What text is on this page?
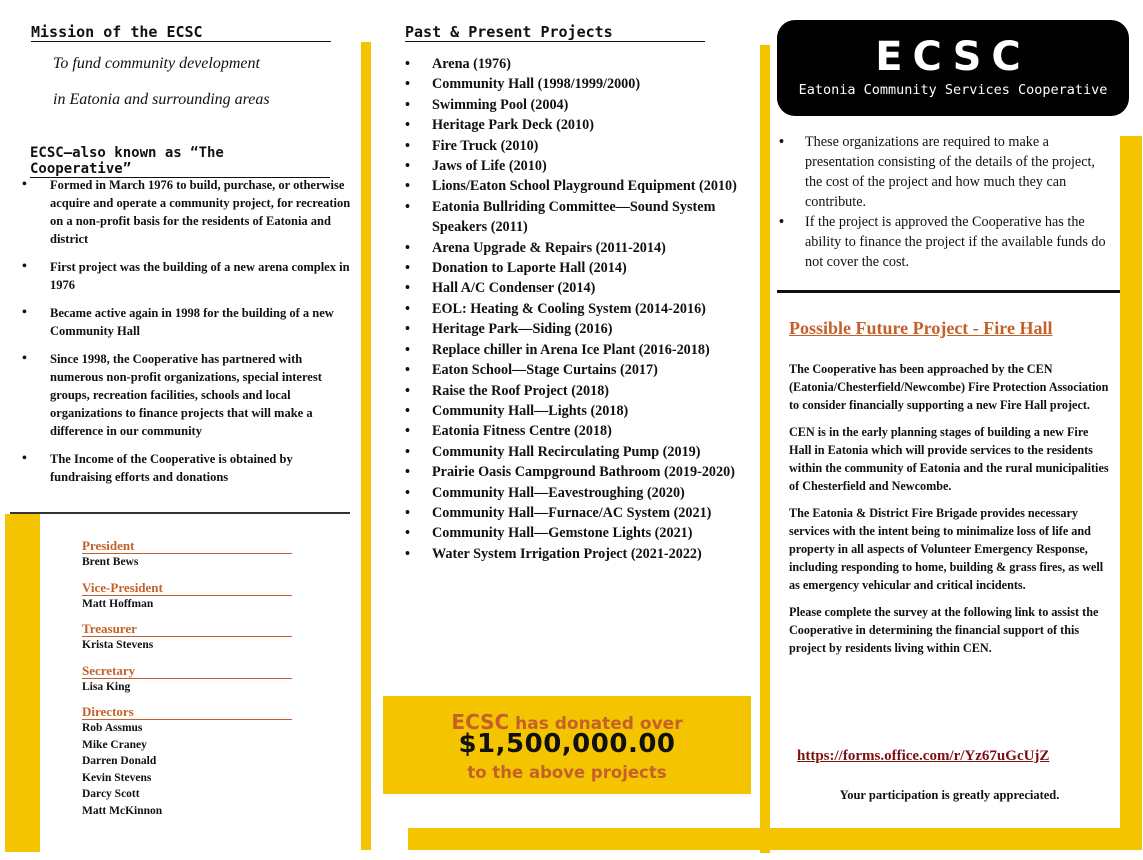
Mission of the ECSC
To fund community development
in Eatonia and surrounding areas
ECSC—also known as “The Cooperative”
• Formed in March 1976 to build, purchase, or otherwise acquire and operate a community project, for recreation on a non-profit basis for the residents of Eatonia and district
• First project was the building of a new arena complex in 1976
• Became active again in 1998 for the building of a new Community Hall
• Since 1998, the Cooperative has partnered with numerous non-profit organizations, special interest groups, recreation facilities, schools and local organizations to finance projects that will make a difference in our community
• The Income of the Cooperative is obtained by fundraising efforts and donations
President
Brent Bews
Vice-President
Matt Hoffman
Treasurer
Krista Stevens
Secretary
Lisa King
Directors
Rob Assmus
Mike Craney
Darren Donald
Kevin Stevens
Darcy Scott
Matt McKinnon
Past & Present Projects
• Arena (1976)
• Community Hall (1998/1999/2000)
• Swimming Pool (2004)
• Heritage Park Deck (2010)
• Fire Truck (2010)
• Jaws of Life (2010)
• Lions/Eaton School Playground Equipment (2010)
• Eatonia Bullriding Committee—Sound System Speakers (2011)
• Arena Upgrade & Repairs (2011-2014)
• Donation to Laporte Hall (2014)
• Hall A/C Condenser (2014)
• EOL: Heating & Cooling System (2014-2016)
• Heritage Park—Siding (2016)
• Replace chiller in Arena Ice Plant (2016-2018)
• Eaton School—Stage Curtains (2017)
• Raise the Roof Project (2018)
• Community Hall—Lights (2018)
• Eatonia Fitness Centre (2018)
• Community Hall Recirculating Pump (2019)
• Prairie Oasis Campground Bathroom (2019-2020)
• Community Hall—Eavestroughing (2020)
• Community Hall—Furnace/AC System (2021)
• Community Hall—Gemstone Lights (2021)
• Water System Irrigation Project (2021-2022)
ECSC has donated over
$1,500,000.00
to the above projects
ECSC
Eatonia Community Services Cooperative
• These organizations are required to make a presentation consisting of the details of the project, the cost of the project and how much they can contribute.
• If the project is approved the Cooperative has the ability to finance the project if the available funds do not cover the cost.
Possible Future Project - Fire Hall

The Cooperative has been approached by the CEN (Eatonia/Chesterfield/Newcombe) Fire Protection Association to consider financially supporting a new Fire Hall project.

CEN is in the early planning stages of building a new Fire Hall in Eatonia which will provide services to the residents within the community of Eatonia and the rural municipalities of Chesterfield and Newcombe.

The Eatonia & District Fire Brigade provides necessary services with the intent being to minimalize loss of life and property in all aspects of Volunteer Emergency Response, including responding to home, building & grass fires, as well as emergency vehicular and critical incidents.

Please complete the survey at the following link to assist the Cooperative in determining the financial support of this project by residents living within CEN.

https://forms.office.com/r/Yz67uGcUjZ
Your participation is greatly appreciated.
